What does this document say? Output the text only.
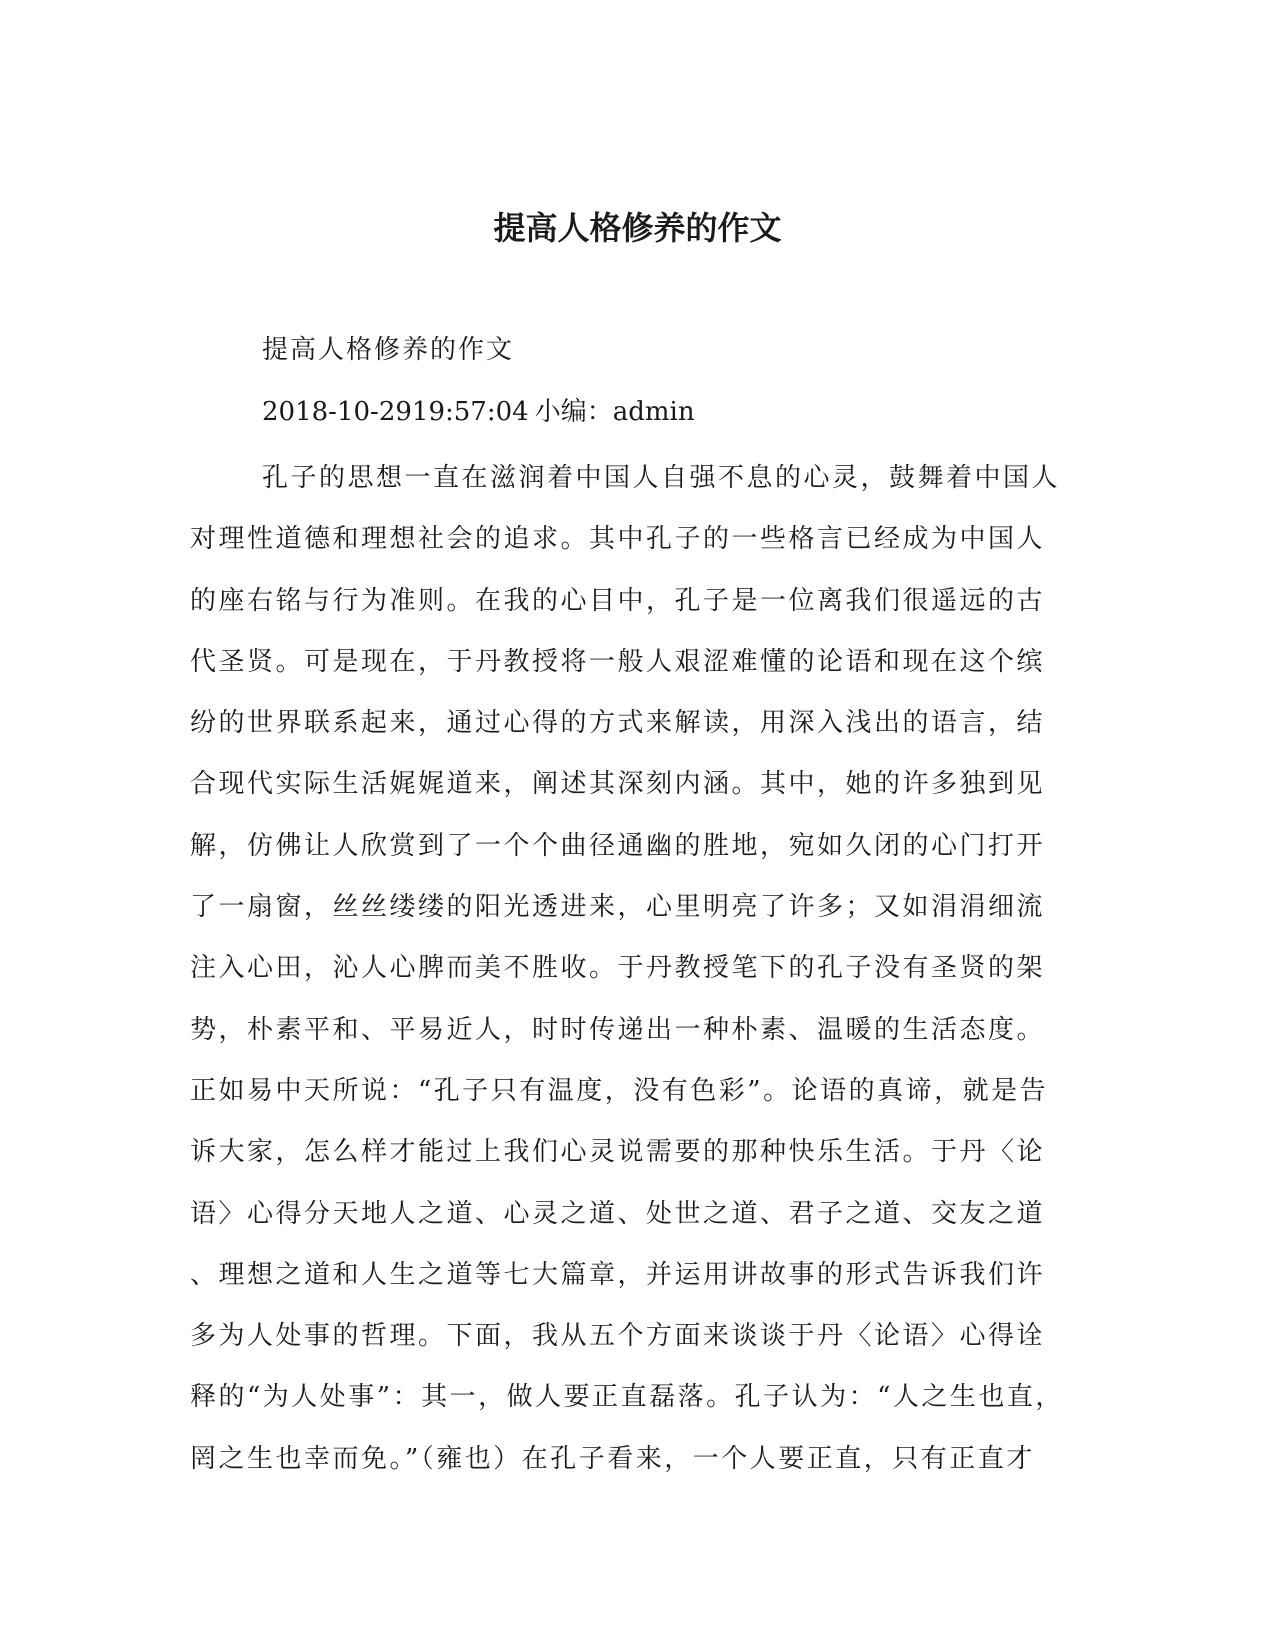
提高人格修养的作文

提高人格修养的作文

2018-10-2919:57:04 小编：admin

孔子的思想一直在滋润着中国人自强不息的心灵，鼓舞着中国人
对理性道德和理想社会的追求。其中孔子的一些格言已经成为中国人
的座右铭与行为准则。在我的心目中，孔子是一位离我们很遥远的古
代圣贤。可是现在，于丹教授将一般人艰涩难懂的论语和现在这个缤
纷的世界联系起来，通过心得的方式来解读，用深入浅出的语言，结
合现代实际生活娓娓道来，阐述其深刻内涵。其中，她的许多独到见
解，仿佛让人欣赏到了一个个曲径通幽的胜地，宛如久闭的心门打开
了一扇窗，丝丝缕缕的阳光透进来，心里明亮了许多；又如涓涓细流
注入心田，沁人心脾而美不胜收。于丹教授笔下的孔子没有圣贤的架
势，朴素平和、平易近人，时时传递出一种朴素、温暖的生活态度。
正如易中天所说：“孔子只有温度，没有色彩”。论语的真谛，就是告
诉大家，怎么样才能过上我们心灵说需要的那种快乐生活。于丹〈论
语〉心得分天地人之道、心灵之道、处世之道、君子之道、交友之道
、理想之道和人生之道等七大篇章，并运用讲故事的形式告诉我们许
多为人处事的哲理。下面，我从五个方面来谈谈于丹〈论语〉心得诠
释的“为人处事”：其一，做人要正直磊落。孔子认为：“人之生也直，
罔之生也幸而免。”（雍也）在孔子看来，一个人要正直，只有正直才
